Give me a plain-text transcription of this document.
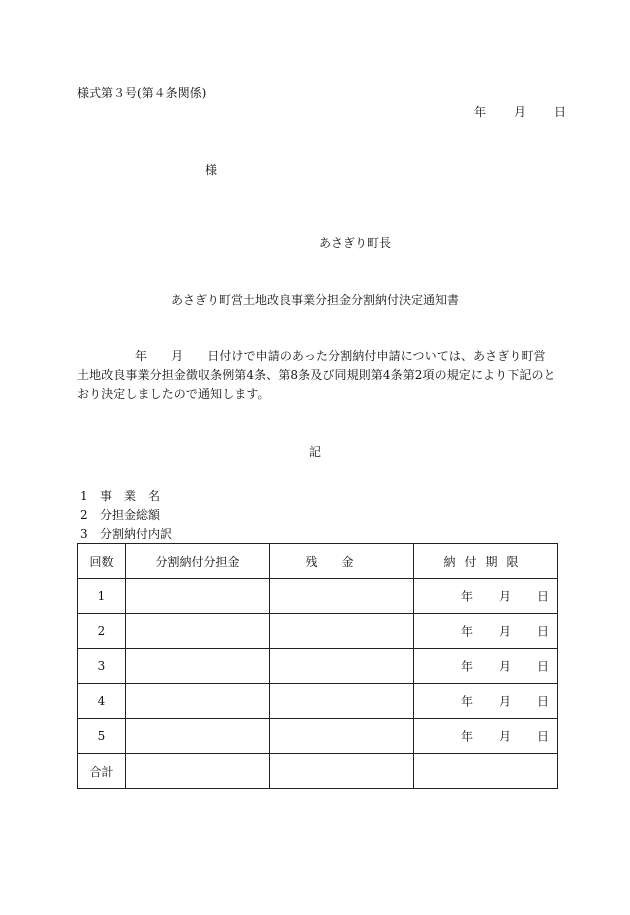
様式第３号(第４条関係)
年 月 日
様
あさぎり町長
あさぎり町営土地改良事業分担金分割納付決定通知書
年 月 日付けで申請のあった分割納付申請については、あさぎり町営土地改良事業分担金徴収条例第4条、第8条及び同規則第4条第2項の規定により下記のとおり決定しましたので通知します。
記
1 事　業　名
2 分担金総額
3 分割納付内訳
回数	分割納付分担金	残金	納付期限
1			年 月 日

2			年 月 日

3			年 月 日

4			年 月 日

5			年 月 日

合計			
